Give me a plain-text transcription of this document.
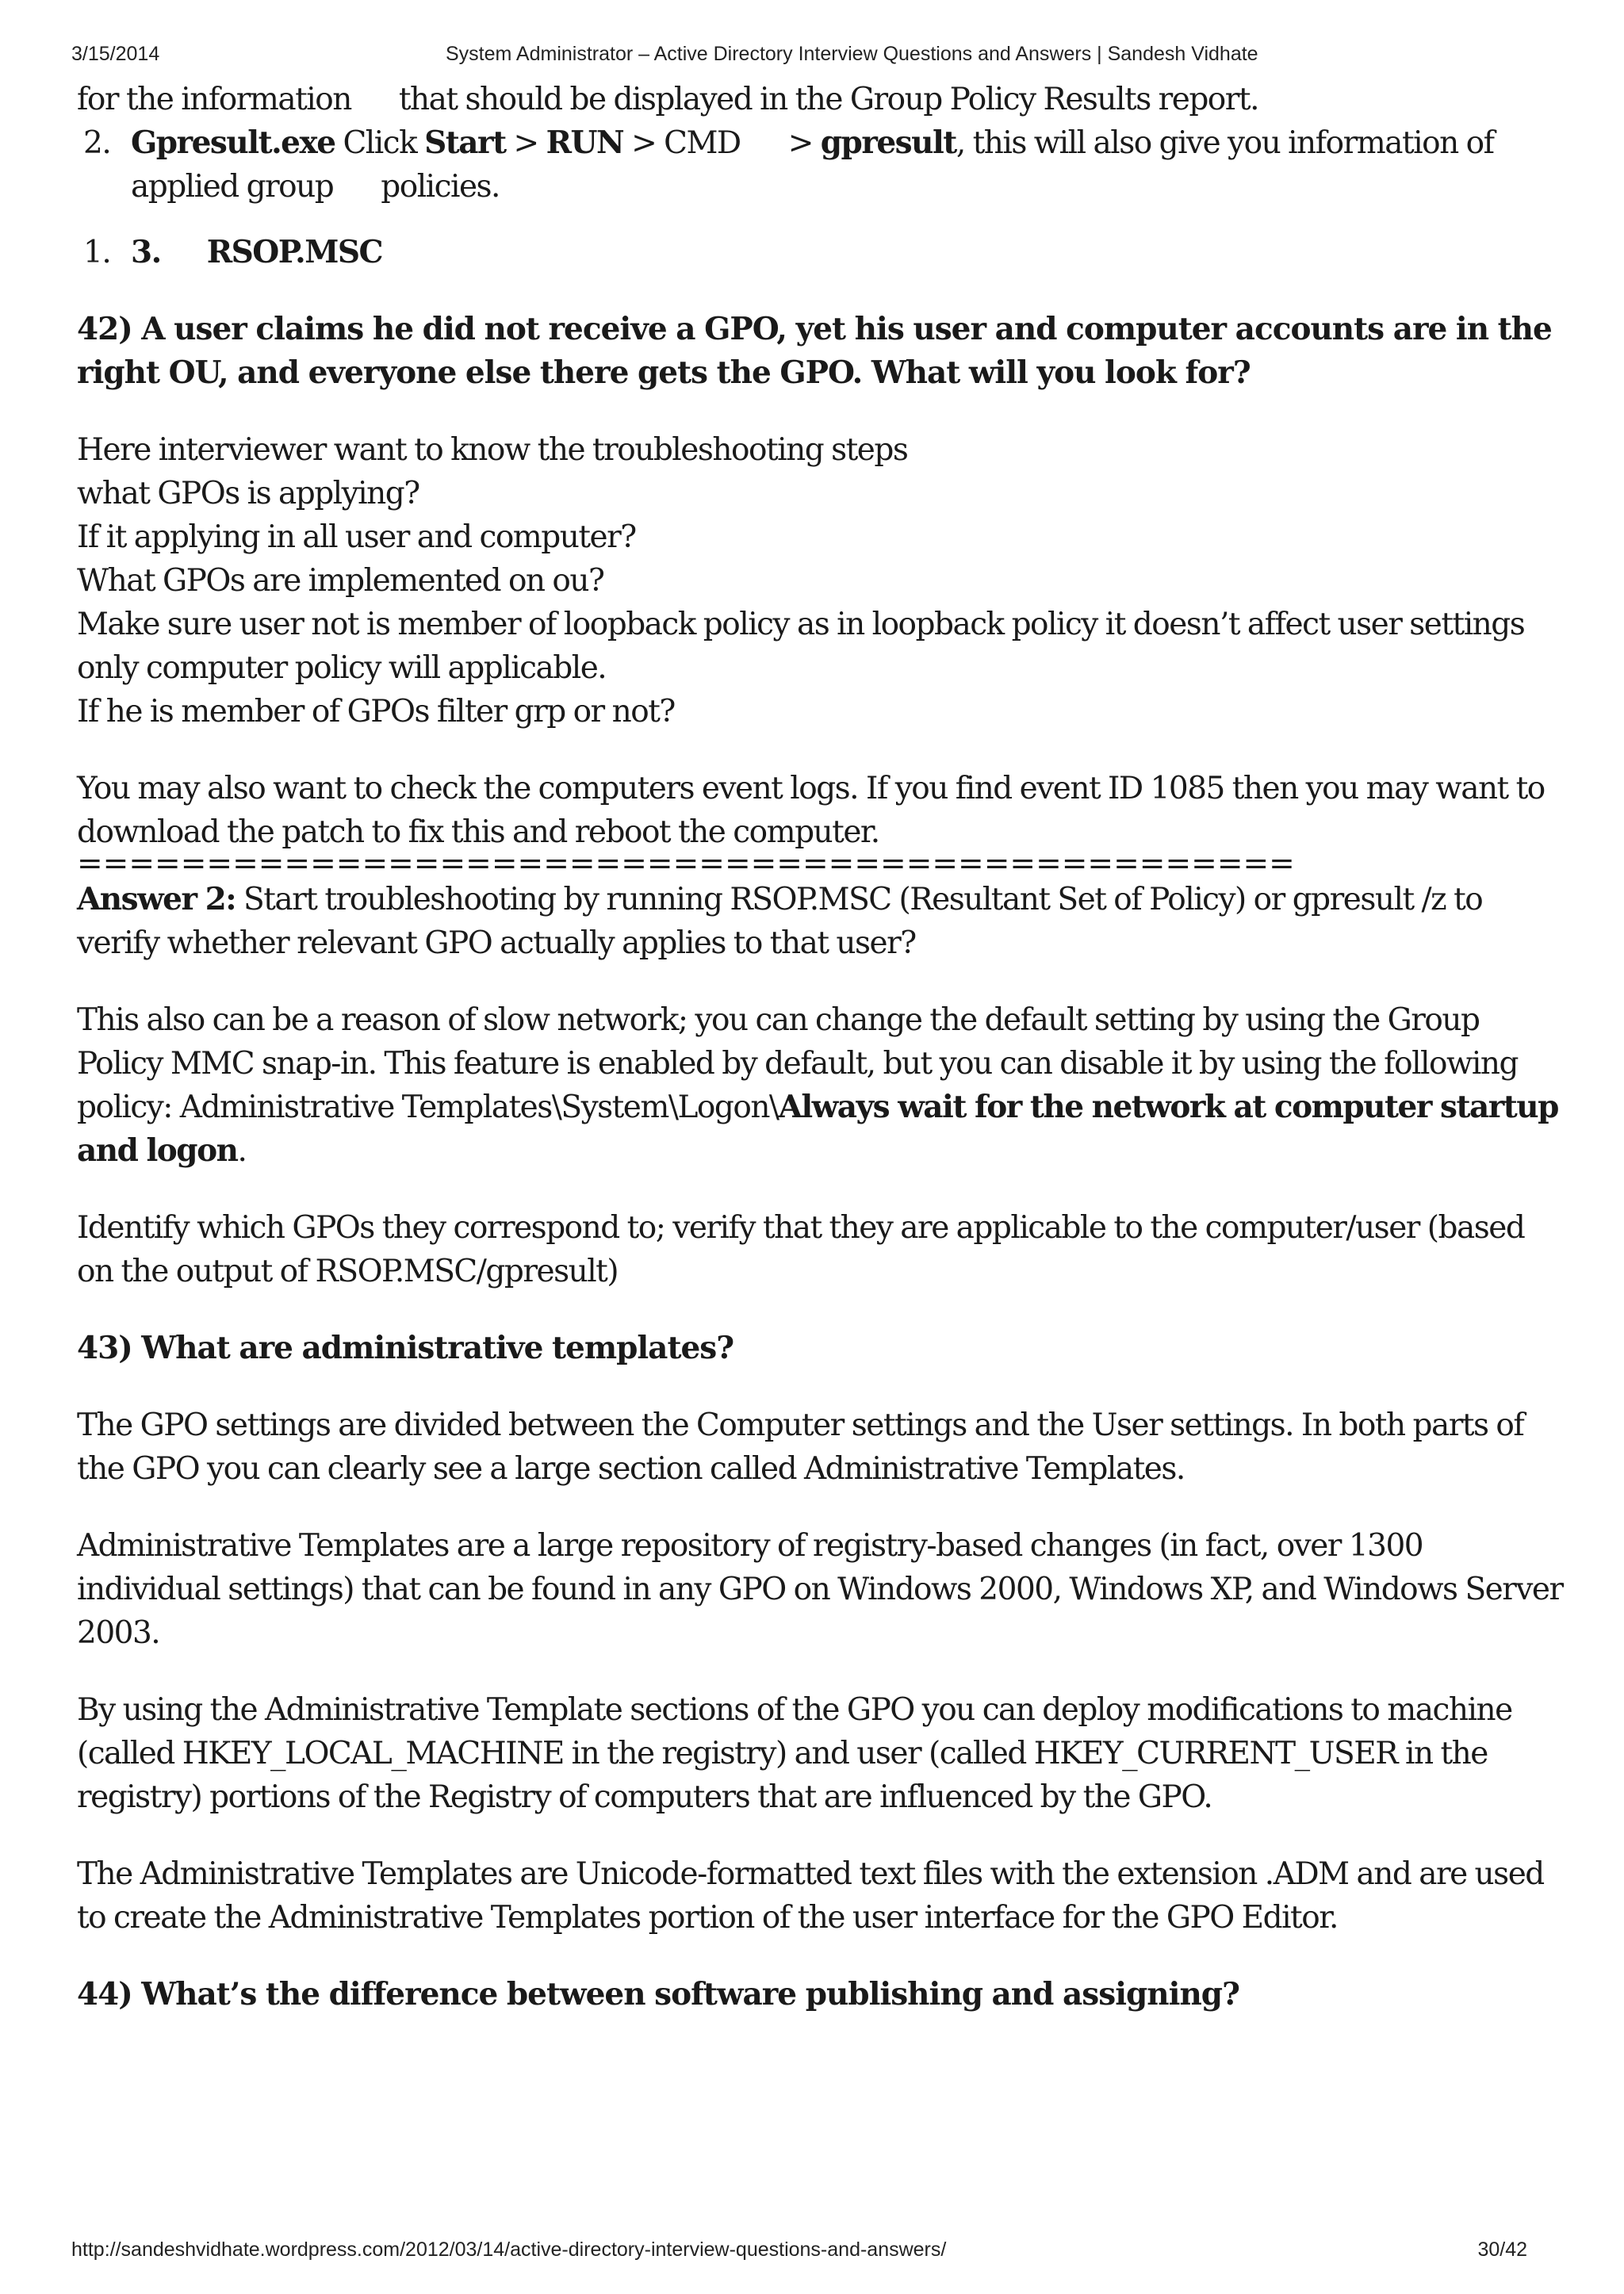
3/15/2014	System Administrator – Active Directory Interview Questions and Answers | Sandesh Vidhate

for the information that should be displayed in the Group Policy Results report.

2. Gpresult.exe Click Start > RUN > CMD > gpresult, this will also give you information of
applied group policies.

1. 3. RSOP.MSC

42) A user claims he did not receive a GPO, yet his user and computer accounts are in the right OU, and everyone else there gets the GPO. What will you look for?

Here interviewer want to know the troubleshooting steps
what GPOs is applying?
If it applying in all user and computer?
What GPOs are implemented on ou?
Make sure user not is member of loopback policy as in loopback policy it doesn’t affect user settings only computer policy will applicable.
If he is member of GPOs filter grp or not?

You may also want to check the computers event logs. If you find event ID 1085 then you may want to download the patch to fix this and reboot the computer.

===============================================

Answer 2: Start troubleshooting by running RSOP.MSC (Resultant Set of Policy) or gpresult /z to verify whether relevant GPO actually applies to that user?

This also can be a reason of slow network; you can change the default setting by using the Group Policy MMC snap-in. This feature is enabled by default, but you can disable it by using the following policy: Administrative Templates\System\Logon\Always wait for the network at computer startup and logon.

Identify which GPOs they correspond to; verify that they are applicable to the computer/user (based on the output of RSOP.MSC/gpresult)

43) What are administrative templates?

The GPO settings are divided between the Computer settings and the User settings. In both parts of the GPO you can clearly see a large section called Administrative Templates.

Administrative Templates are a large repository of registry-based changes (in fact, over 1300 individual settings) that can be found in any GPO on Windows 2000, Windows XP, and Windows Server 2003.

By using the Administrative Template sections of the GPO you can deploy modifications to machine (called HKEY_LOCAL_MACHINE in the registry) and user (called HKEY_CURRENT_USER in the registry) portions of the Registry of computers that are influenced by the GPO.

The Administrative Templates are Unicode-formatted text files with the extension .ADM and are used to create the Administrative Templates portion of the user interface for the GPO Editor.

44) What’s the difference between software publishing and assigning?

http://sandeshvidhate.wordpress.com/2012/03/14/active-directory-interview-questions-and-answers/	30/42
